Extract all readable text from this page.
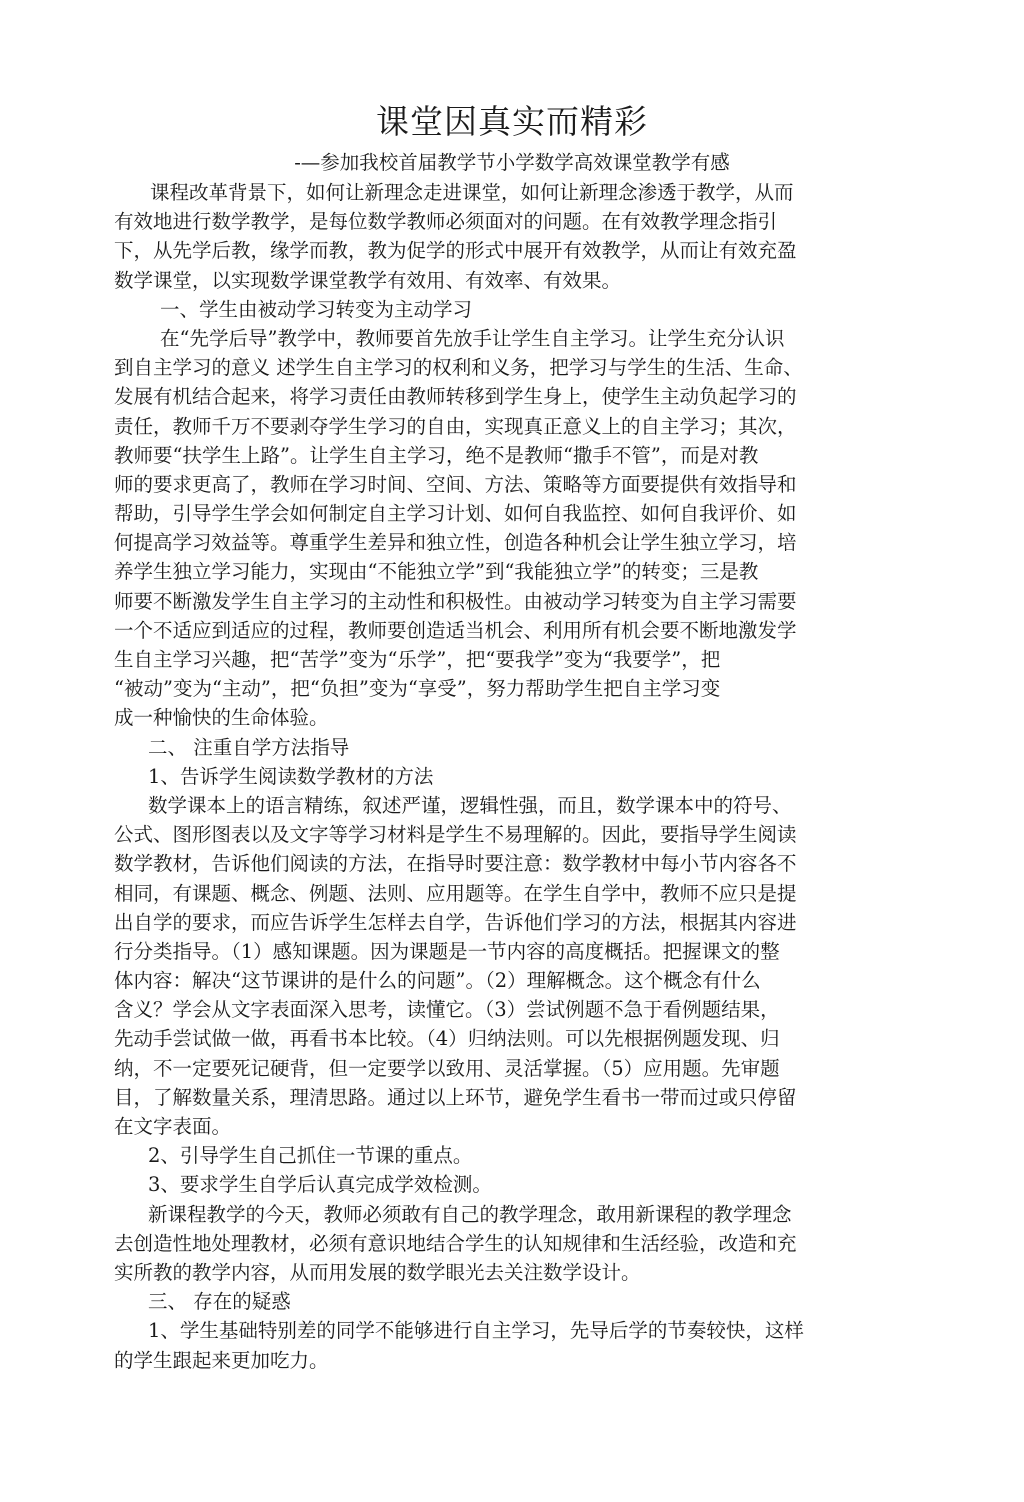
课堂因真实而精彩
-—参加我校首届教学节小学数学高效课堂教学有感
课程改革背景下，如何让新理念走进课堂，如何让新理念渗透于教学，从而
有效地进行数学教学，是每位数学教师必须面对的问题。在有效教学理念指引
下，从先学后教，缘学而教，教为促学的形式中展开有效教学，从而让有效充盈
数学课堂，以实现数学课堂教学有效用、有效率、有效果。
一、学生由被动学习转变为主动学习
在“先学后导”教学中，教师要首先放手让学生自主学习。让学生充分认识
到自主学习的意义 述学生自主学习的权利和义务，把学习与学生的生活、生命、
发展有机结合起来，将学习责任由教师转移到学生身上，使学生主动负起学习的
责任，教师千万不要剥夺学生学习的自由，实现真正意义上的自主学习；其次，
教师要“扶学生上路”。让学生自主学习，绝不是教师“撒手不管”，而是对教
师的要求更高了，教师在学习时间、空间、方法、策略等方面要提供有效指导和
帮助，引导学生学会如何制定自主学习计划、如何自我监控、如何自我评价、如
何提高学习效益等。尊重学生差异和独立性，创造各种机会让学生独立学习，培
养学生独立学习能力，实现由“不能独立学”到“我能独立学”的转变；三是教
师要不断激发学生自主学习的主动性和积极性。由被动学习转变为自主学习需要
一个不适应到适应的过程，教师要创造适当机会、利用所有机会要不断地激发学
生自主学习兴趣，把“苦学”变为“乐学”，把“要我学”变为“我要学”，把
“被动”变为“主动”，把“负担”变为“享受”，努力帮助学生把自主学习变
成一种愉快的生命体验。
二、 注重自学方法指导
1、告诉学生阅读数学教材的方法
数学课本上的语言精练，叙述严谨，逻辑性强，而且，数学课本中的符号、
公式、图形图表以及文字等学习材料是学生不易理解的。因此，要指导学生阅读
数学教材，告诉他们阅读的方法，在指导时要注意：数学教材中每小节内容各不
相同，有课题、概念、例题、法则、应用题等。在学生自学中，教师不应只是提
出自学的要求，而应告诉学生怎样去自学，告诉他们学习的方法，根据其内容进
行分类指导。（1）感知课题。因为课题是一节内容的高度概括。把握课文的整
体内容：解决“这节课讲的是什么的问题”。（2）理解概念。这个概念有什么
含义？学会从文字表面深入思考，读懂它。（3）尝试例题不急于看例题结果，
先动手尝试做一做，再看书本比较。（4）归纳法则。可以先根据例题发现、归
纳，不一定要死记硬背，但一定要学以致用、灵活掌握。（5）应用题。先审题
目，了解数量关系，理清思路。通过以上环节，避免学生看书一带而过或只停留
在文字表面。
2、引导学生自己抓住一节课的重点。
3、要求学生自学后认真完成学效检测。
新课程教学的今天，教师必须敢有自己的教学理念，敢用新课程的教学理念
去创造性地处理教材，必须有意识地结合学生的认知规律和生活经验，改造和充
实所教的教学内容，从而用发展的数学眼光去关注数学设计。
三、 存在的疑惑
1、学生基础特别差的同学不能够进行自主学习，先导后学的节奏较快，这样
的学生跟起来更加吃力。
